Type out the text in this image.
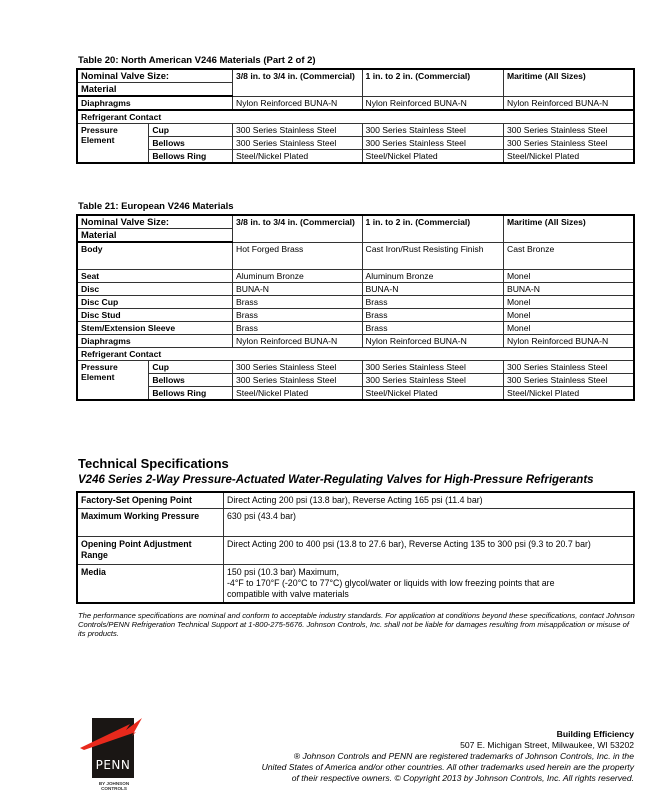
Table 20: North American V246 Materials (Part 2 of 2)
Nominal Valve Size:		3/8 in. to 3/4 in. (Commercial)	1 in. to 2 in. (Commercial)	Maritime (All Sizes)
Material				
Diaphragms		Nylon Reinforced BUNA-N	Nylon Reinforced BUNA-N	Nylon Reinforced BUNA-N
Refrigerant Contact				
Pressure Element	Cup	300 Series Stainless Steel	300 Series Stainless Steel	300 Series Stainless Steel
	Bellows	300 Series Stainless Steel	300 Series Stainless Steel	300 Series Stainless Steel
	Bellows Ring	Steel/Nickel Plated	Steel/Nickel Plated	Steel/Nickel Plated
Table 21: European V246 Materials
Nominal Valve Size:		3/8 in. to 3/4 in. (Commercial)	1 in. to 2 in. (Commercial)	Maritime (All Sizes)
Material				
Body		Hot Forged Brass	Cast Iron/Rust Resisting Finish	Cast Bronze
Seat		Aluminum Bronze	Aluminum Bronze	Monel
Disc		BUNA-N	BUNA-N	BUNA-N
Disc Cup		Brass	Brass	Monel
Disc Stud		Brass	Brass	Monel
Stem/Extension Sleeve		Brass	Brass	Monel
Diaphragms		Nylon Reinforced BUNA-N	Nylon Reinforced BUNA-N	Nylon Reinforced BUNA-N
Refrigerant Contact				
Pressure Element	Cup	300 Series Stainless Steel	300 Series Stainless Steel	300 Series Stainless Steel
	Bellows	300 Series Stainless Steel	300 Series Stainless Steel	300 Series Stainless Steel
	Bellows Ring	Steel/Nickel Plated	Steel/Nickel Plated	Steel/Nickel Plated
Technical Specifications
V246 Series 2-Way Pressure-Actuated Water-Regulating Valves for High-Pressure Refrigerants
Factory-Set Opening Point	Direct Acting 200 psi (13.8 bar), Reverse Acting 165 psi (11.4 bar)
Maximum Working Pressure	630 psi (43.4 bar)
Opening Point Adjustment Range	Direct Acting 200 to 400 psi (13.8 to 27.6 bar), Reverse Acting 135 to 300 psi (9.3 to 20.7 bar)
Media	150 psi (10.3 bar) Maximum,
-4°F to 170°F (-20°C to 77°C) glycol/water or liquids with low freezing points that are
compatible with valve materials
The performance specifications are nominal and conform to acceptable industry standards. For application at conditions beyond these specifications, contact Johnson Controls/PENN Refrigeration Technical Support at 1-800-275-5676. Johnson Controls, Inc. shall not be liable for damages resulting from misapplication or misuse of its products.
PENN
BY JOHNSON CONTROLS
Building Efficiency
507 E. Michigan Street, Milwaukee, WI 53202
® Johnson Controls and PENN are registered trademarks of Johnson Controls, Inc. in the
United States of America and/or other countries. All other trademarks used herein are the property
of their respective owners. © Copyright 2013 by Johnson Controls, Inc. All rights reserved.
